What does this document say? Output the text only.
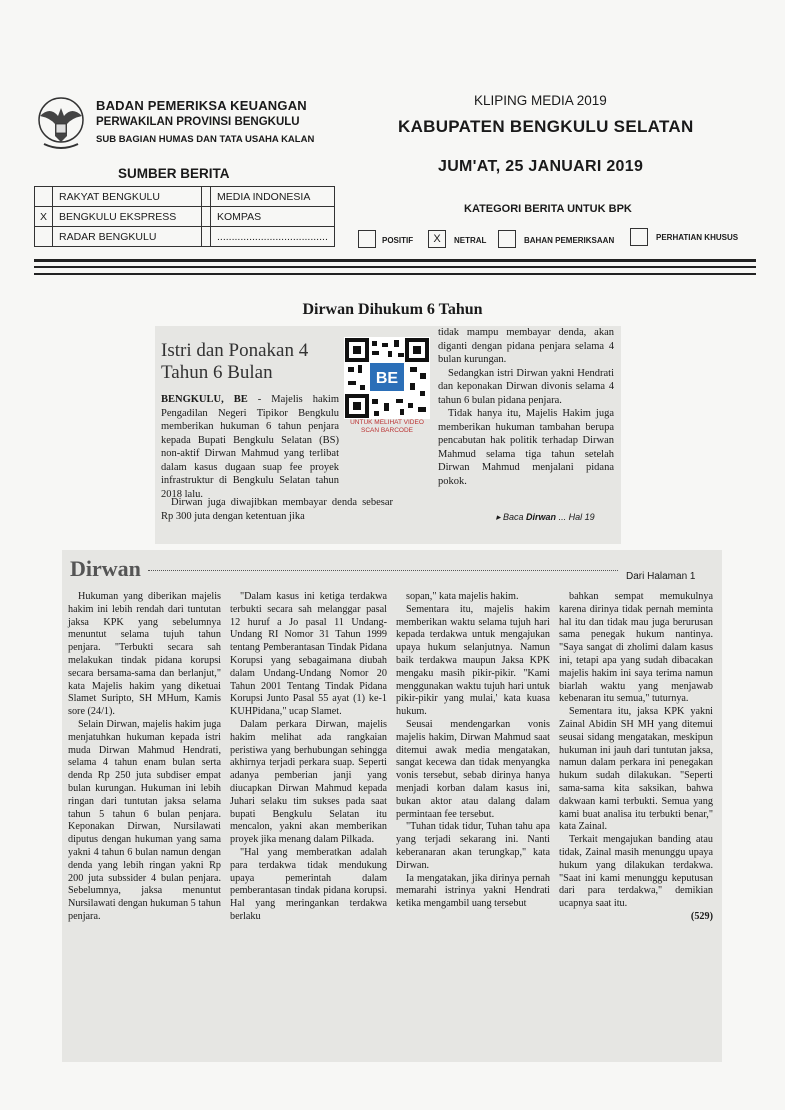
BADAN PEMERIKSA KEUANGAN
PERWAKILAN PROVINSI BENGKULU
SUB BAGIAN HUMAS DAN TATA USAHA KALAN
KLIPING MEDIA 2019
KABUPATEN BENGKULU SELATAN
JUM'AT, 25 JANUARI 2019
SUMBER BERITA
	RAKYAT BENGKULU		MEDIA INDONESIA
X	BENGKULU EKSPRESS		KOMPAS
	RADAR BENGKULU		......................................
KATEGORI BERITA UNTUK BPK
POSITIF	X	NETRAL	BAHAN PEMERIKSAAN	PERHATIAN KHUSUS
Dirwan Dihukum 6 Tahun
Istri dan Ponakan 4 Tahun 6 Bulan	BE
UNTUK MELIHAT VIDEO SCAN BARCODE
BENGKULU, BE - Majelis hakim Pengadilan Negeri Tipikor Bengkulu memberikan hukuman 6 tahun penjara kepada Bupati Bengkulu Selatan (BS) non-aktif Dirwan Mahmud yang terlibat dalam kasus dugaan suap fee proyek infrastruktur di Bengkulu Selatan tahun 2018 lalu.
Dirwan juga diwajibkan membayar denda sebesar Rp 300 juta dengan ketentuan jika
tidak mampu membayar denda, akan diganti dengan pidana penjara selama 4 bulan kurungan.
Sedangkan istri Dirwan yakni Hendrati dan keponakan Dirwan divonis selama 4 tahun 6 bulan pidana penjara.
Tidak hanya itu, Majelis Hakim juga memberikan hukuman tambahan berupa pencabutan hak politik terhadap Dirwan Mahmud selama tiga tahun setelah Dirwan Mahmud menjalani pidana pokok.
▸ Baca Dirwan ... Hal 19
Dirwan	Dari Halaman 1

Hukuman yang diberikan majelis hakim ini lebih rendah dari tuntutan jaksa KPK yang sebelumnya menuntut selama tujuh tahun penjara. "Terbukti secara sah melakukan tindak pidana korupsi secara bersama-sama dan berlanjut," kata Majelis hakim yang diketuai Slamet Suripto, SH MHum, Kamis sore (24/1).

Selain Dirwan, majelis hakim juga menjatuhkan hukuman kepada istri muda Dirwan Mahmud Hendrati, selama 4 tahun enam bulan serta denda Rp 250 juta subdiser empat bulan kurungan. Hukuman ini lebih ringan dari tuntutan jaksa selama tahun 5 tahun 6 bulan penjara. Keponakan Dirwan, Nursilawati diputus dengan hukuman yang sama yakni 4 tahun 6 bulan namun dengan denda yang lebih ringan yakni Rp 200 juta subssider 4 bulan penjara. Sebelumnya, jaksa menuntut Nursilawati dengan hukuman 5 tahun penjara.

"Dalam kasus ini ketiga terdakwa terbukti secara sah melanggar pasal 12 huruf a Jo pasal 11 Undang-Undang RI Nomor 31 Tahun 1999 tentang Pemberantasan Tindak Pidana Korupsi yang sebagaimana diubah dalam Undang-Undang Nomor 20 Tahun 2001 Tentang Tindak Pidana Korupsi Junto Pasal 55 ayat (1) ke-1 KUHPidana," ucap Slamet.

Dalam perkara Dirwan, majelis hakim melihat ada rangkaian peristiwa yang berhubungan sehingga akhirnya terjadi perkara suap. Seperti adanya pemberian janji yang diucapkan Dirwan Mahmud kepada Juhari selaku tim sukses pada saat bupati Bengkulu Selatan itu mencalon, yakni akan memberikan proyek jika menang dalam Pilkada.

"Hal yang memberatkan adalah para terdakwa tidak mendukung upaya pemerintah dalam pemberantasan tindak pidana korupsi. Hal yang meringankan terdakwa berlaku

sopan," kata majelis hakim.

Sementara itu, majelis hakim memberikan waktu selama tujuh hari kepada terdakwa untuk mengajukan upaya hukum selanjutnya. Namun baik terdakwa maupun Jaksa KPK mengaku masih pikir-pikir. "Kami menggunakan waktu tujuh hari untuk pikir-pikir yang mulai,' kata kuasa hukum.

Seusai mendengarkan vonis majelis hakim, Dirwan Mahmud saat ditemui awak media mengatakan, sangat kecewa dan tidak menyangka vonis tersebut, sebab dirinya hanya menjadi korban dalam kasus ini, bukan aktor atau dalang dalam permintaan fee tersebut.

"Tuhan tidak tidur, Tuhan tahu apa yang terjadi sekarang ini. Nanti keberanaran akan terungkap," kata Dirwan.

Ia mengatakan, jika dirinya pernah memarahi istrinya yakni Hendrati ketika mengambil uang tersebut

bahkan sempat memukulnya karena dirinya tidak pernah meminta hal itu dan tidak mau juga berurusan sama penegak hukum nantinya. "Saya sangat di zholimi dalam kasus ini, tetapi apa yang sudah dibacakan majelis hakim ini saya terima namun biarlah waktu yang menjawab kebenaran itu semua," tuturnya.

Sementara itu, jaksa KPK yakni Zainal Abidin SH MH yang ditemui seusai sidang mengatakan, meskipun hukuman ini jauh dari tuntutan jaksa, namun dalam perkara ini penegakan hukum sudah dilakukan. "Seperti sama-sama kita saksikan, bahwa dakwaan kami terbukti. Semua yang kami buat analisa itu terbukti benar," kata Zainal.

Terkait mengajukan banding atau tidak, Zainal masih menunggu upaya hukum yang dilakukan terdakwa. "Saat ini kami menunggu keputusan dari para terdakwa," demikian ucapnya saat itu.

(529)
